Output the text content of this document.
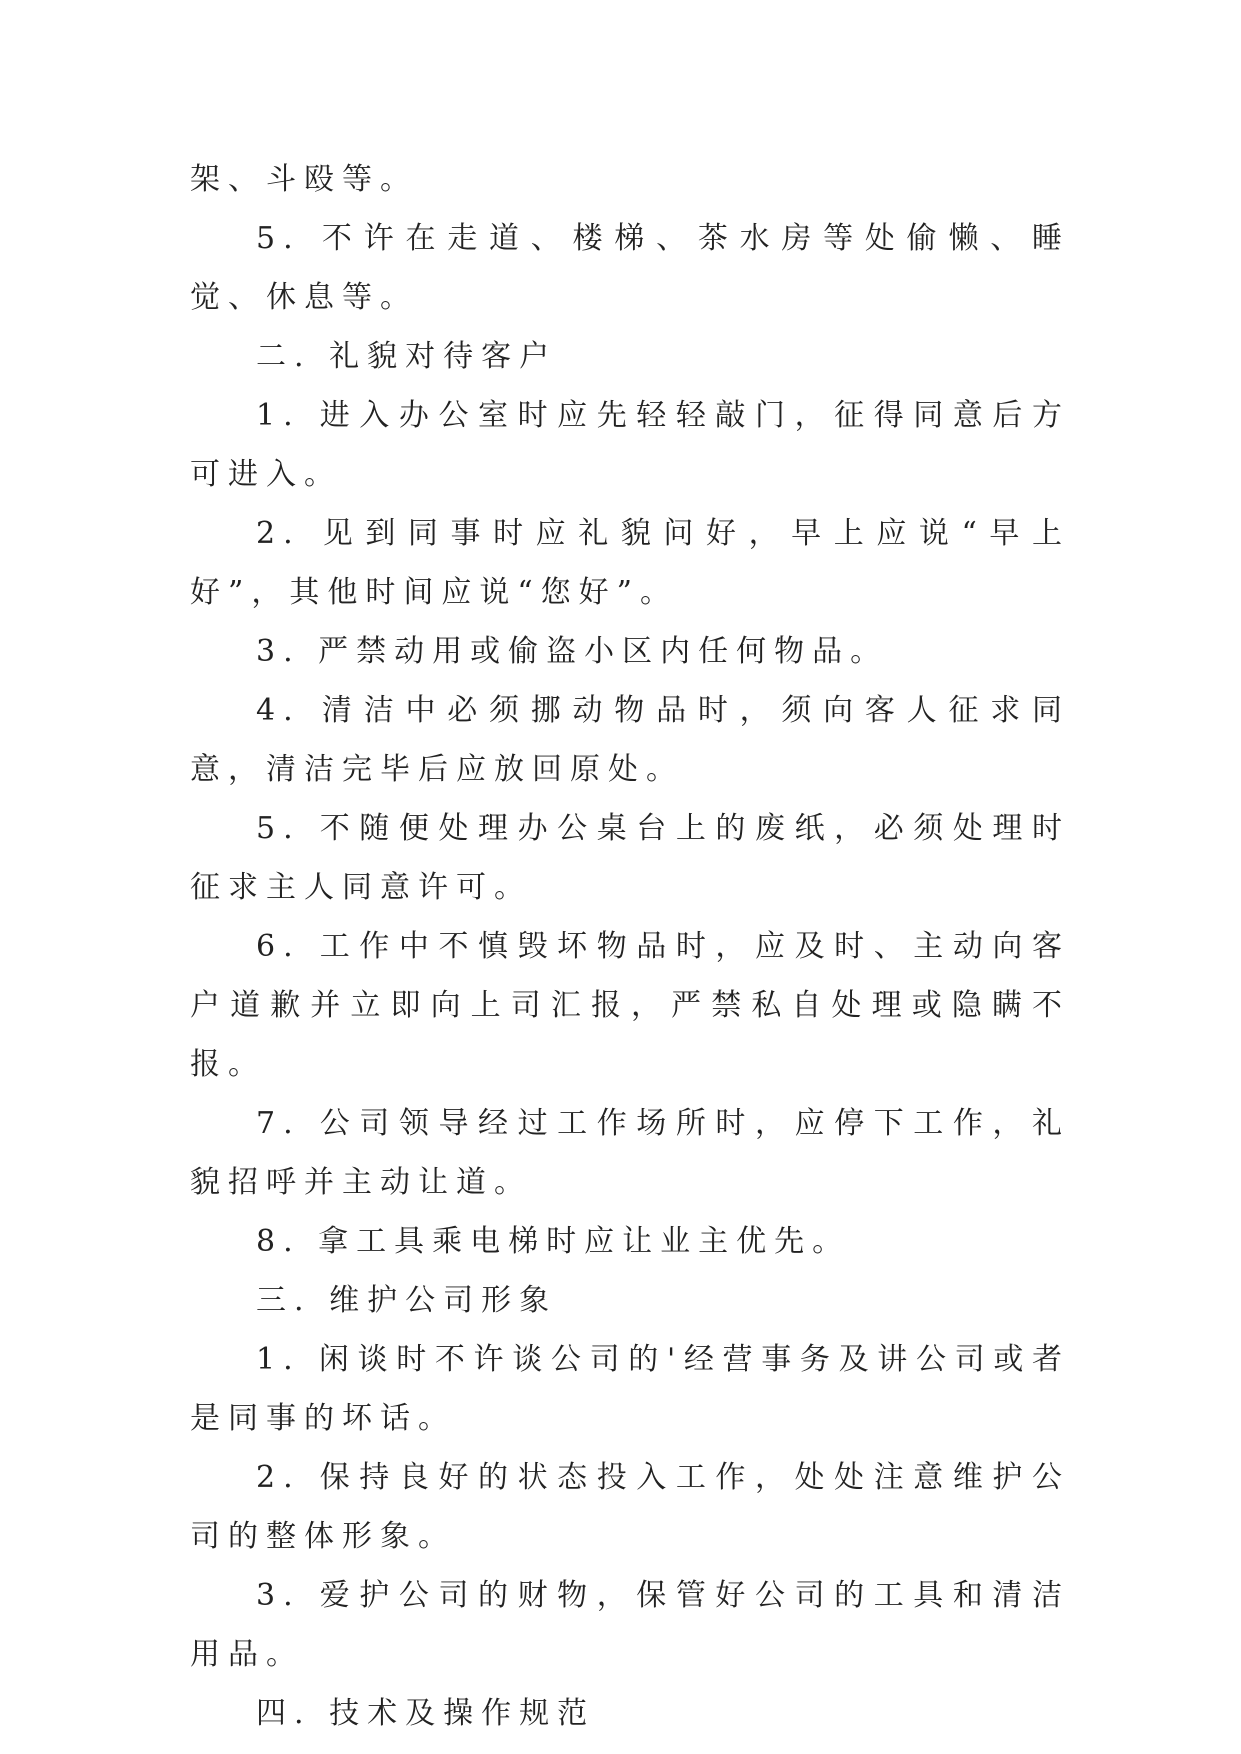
架、斗殴等。

5. 不许在走道、楼梯、茶水房等处偷懒、睡觉、休息等。

二. 礼貌对待客户

1. 进入办公室时应先轻轻敲门，征得同意后方可进入。

2. 见到同事时应礼貌问好，早上应说“早上好”，其他时间应说“您好”。

3. 严禁动用或偷盗小区内任何物品。

4. 清洁中必须挪动物品时，须向客人征求同意，清洁完毕后应放回原处。

5. 不随便处理办公桌台上的废纸，必须处理时征求主人同意许可。

6. 工作中不慎毁坏物品时，应及时、主动向客户道歉并立即向上司汇报，严禁私自处理或隐瞒不报。

7. 公司领导经过工作场所时，应停下工作，礼貌招呼并主动让道。

8. 拿工具乘电梯时应让业主优先。

三. 维护公司形象

1. 闲谈时不许谈公司的'经营事务及讲公司或者是同事的坏话。

2. 保持良好的状态投入工作，处处注意维护公司的整体形象。

3. 爱护公司的财物，保管好公司的工具和清洁用品。

四. 技术及操作规范
